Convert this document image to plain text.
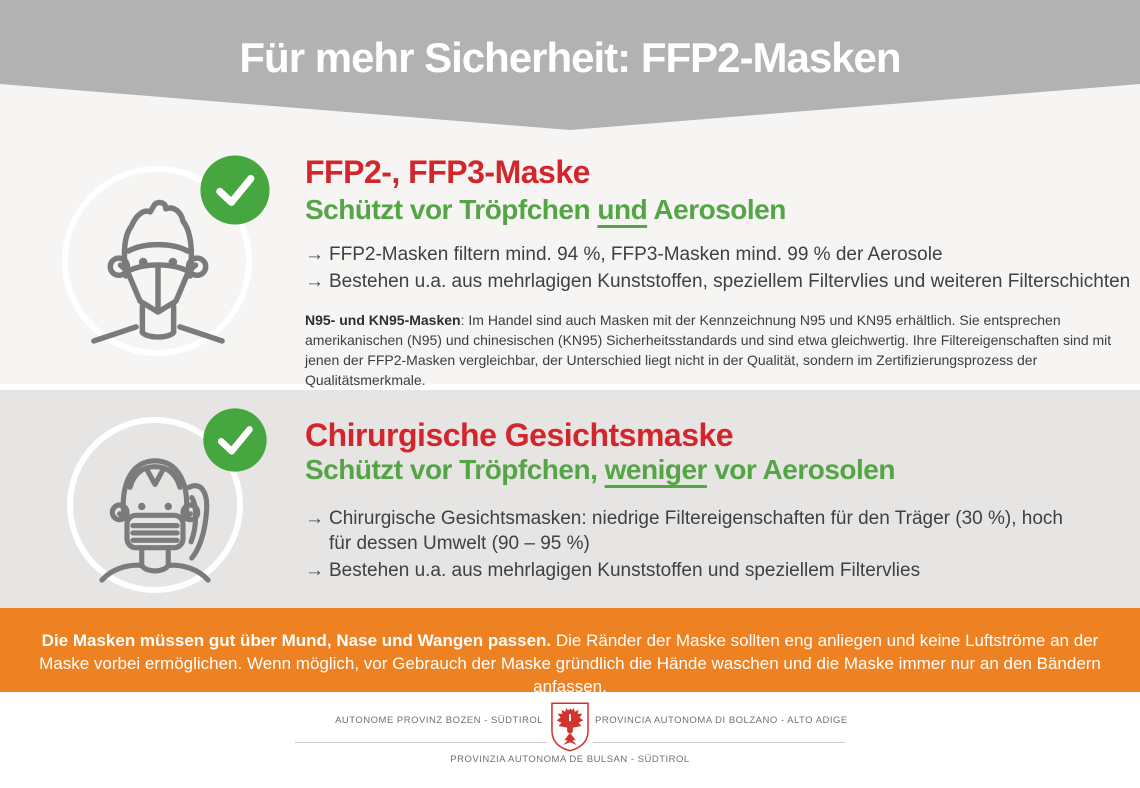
Für mehr Sicherheit: FFP2-Masken
FFP2-, FFP3-Maske
Schützt vor Tröpfchen und Aerosolen

→ FFP2-Masken filtern mind. 94 %, FFP3-Masken mind. 99 % der Aerosole

→ Bestehen u.a. aus mehrlagigen Kunststoffen, speziellem Filtervlies und weiteren Filterschichten

N95- und KN95-Masken: Im Handel sind auch Masken mit der Kennzeichnung N95 und KN95 erhältlich. Sie entsprechen amerikanischen (N95) und chinesischen (KN95) Sicherheitsstandards und sind etwa gleichwertig. Ihre Filtereigenschaften sind mit jenen der FFP2-Masken vergleichbar, der Unterschied liegt nicht in der Qualität, sondern im Zertifizierungsprozess der Qualitätsmerkmale.
Chirurgische Gesichtsmaske
Schützt vor Tröpfchen, weniger vor Aerosolen

→ Chirurgische Gesichtsmasken: niedrige Filtereigenschaften für den Träger (30 %), hoch für dessen Umwelt (90 – 95 %)

→ Bestehen u.a. aus mehrlagigen Kunststoffen und speziellem Filtervlies

Die Masken müssen gut über Mund, Nase und Wangen passen. Die Ränder der Maske sollten eng anliegen und keine Luftströme an der Maske vorbei ermöglichen. Wenn möglich, vor Gebrauch der Maske gründlich die Hände waschen und die Maske immer nur an den Bändern anfassen.
AUTONOME PROVINZ BOZEN - SÜDTIROL	PROVINCIA AUTONOMA DI BOLZANO - ALTO ADIGE
PROVINZIA AUTONOMA DE BULSAN - SÜDTIROL
